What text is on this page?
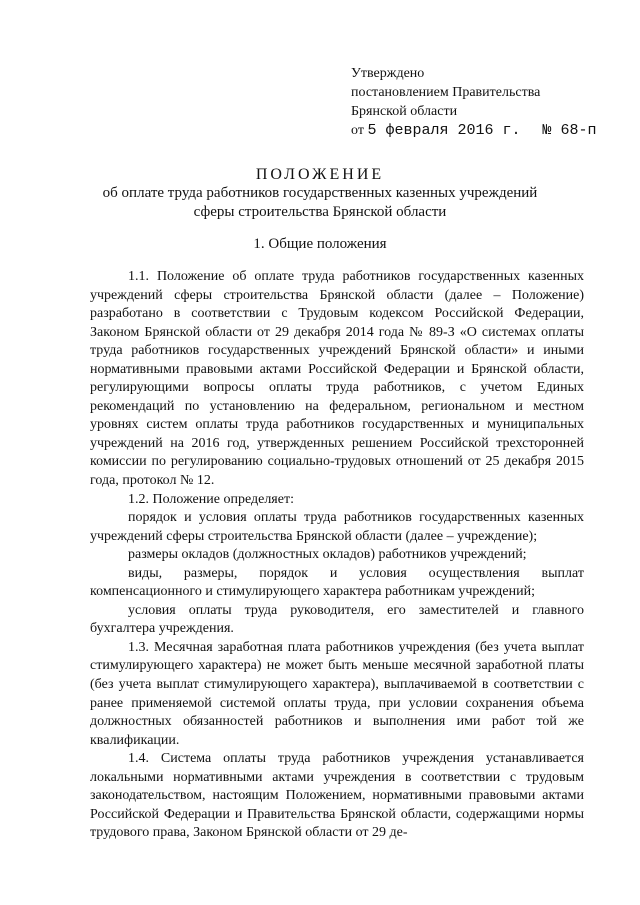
Утверждено
постановлением Правительства
Брянской области
от 5 февраля 2016 г. № 68-п
ПОЛОЖЕНИЕ
об оплате труда работников государственных казенных учреждений
сферы строительства Брянской области
1. Общие положения

1.1. Положение об оплате труда работников государственных казенных учреждений сферы строительства Брянской области (далее – Положение) разработано в соответствии с Трудовым кодексом Российской Федерации, Законом Брянской области от 29 декабря 2014 года № 89-З «О системах оплаты труда работников государственных учреждений Брянской области» и иными нормативными правовыми актами Российской Федерации и Брянской области, регулирующими вопросы оплаты труда работников, с учетом Единых рекомендаций по установлению на федеральном, региональном и местном уровнях систем оплаты труда работников государственных и муниципальных учреждений на 2016 год, утвержденных решением Российской трехсторонней комиссии по регулированию социально-трудовых отношений от 25 декабря 2015 года, протокол № 12.

1.2. Положение определяет:

порядок и условия оплаты труда работников государственных казенных учреждений сферы строительства Брянской области (далее – учреждение);

размеры окладов (должностных окладов) работников учреждений;

виды, размеры, порядок и условия осуществления выплат компенсационного и стимулирующего характера работникам учреждений;

условия оплаты труда руководителя, его заместителей и главного бухгалтера учреждения.

1.3. Месячная заработная плата работников учреждения (без учета выплат стимулирующего характера) не может быть меньше месячной заработной платы (без учета выплат стимулирующего характера), выплачиваемой в соответствии с ранее применяемой системой оплаты труда, при условии сохранения объема должностных обязанностей работников и выполнения ими работ той же квалификации.

1.4. Система оплаты труда работников учреждения устанавливается локальными нормативными актами учреждения в соответствии с трудовым законодательством, настоящим Положением, нормативными правовыми актами Российской Федерации и Правительства Брянской области, содержащими нормы трудового права, Законом Брянской области от 29 де-
